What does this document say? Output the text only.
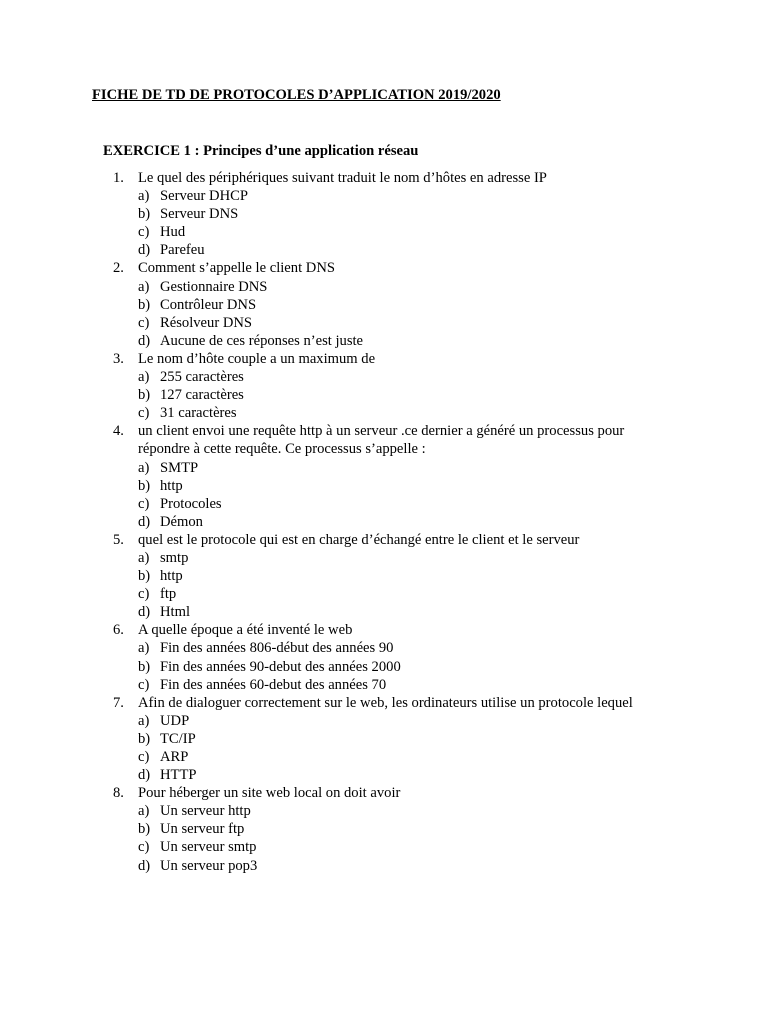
FICHE DE TD DE PROTOCOLES D’APPLICATION 2019/2020
EXERCICE 1 : Principes d’une application réseau
1. Le quel des périphériques suivant traduit le nom d’hôtes en adresse IP
a) Serveur DHCP
b) Serveur DNS
c) Hud
d) Parefeu
2. Comment s’appelle le client DNS
a) Gestionnaire DNS
b) Contrôleur DNS
c) Résolveur DNS
d) Aucune de ces réponses n’est juste
3. Le nom d’hôte couple a un maximum de
a) 255 caractères
b) 127 caractères
c) 31 caractères
4. un client envoi une requête http à un serveur .ce dernier a généré un processus pour répondre à cette requête. Ce processus s’appelle :
a) SMTP
b) http
c) Protocoles
d) Démon
5. quel est le protocole qui est en charge d’échangé entre le client et le serveur
a) smtp
b) http
c) ftp
d) Html
6. A quelle époque a été inventé le web
a) Fin des années 806-début des années 90
b) Fin des années 90-debut des années 2000
c) Fin des années 60-debut des années 70
7. Afin de dialoguer correctement sur le web, les ordinateurs utilise un protocole lequel
a) UDP
b) TC/IP
c) ARP
d) HTTP
8. Pour héberger un site web local on doit avoir
a) Un serveur http
b) Un serveur ftp
c) Un serveur smtp
d) Un serveur pop3
